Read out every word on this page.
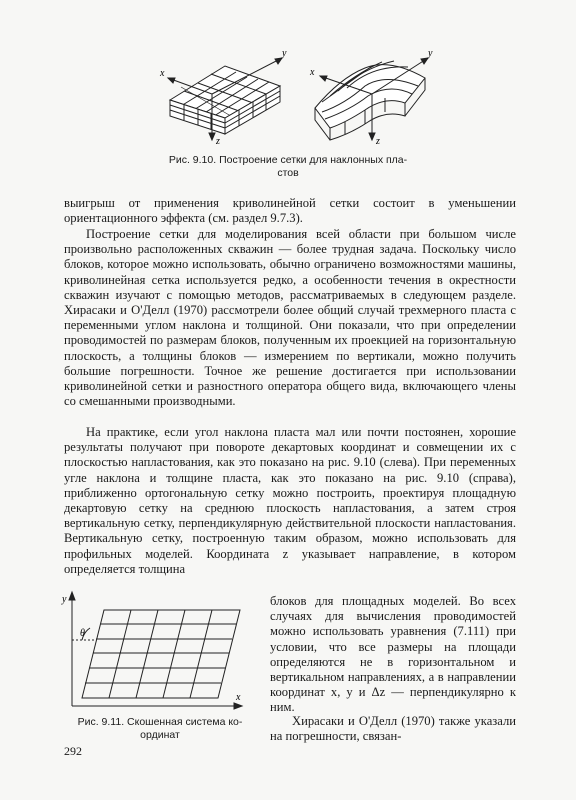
x
y
z
x
y
z
Рис. 9.10. Построение сетки для наклонных пла-
стов

выигрыш от применения криволинейной сетки состоит в уменьшении ориентационного эффекта (см. раздел 9.7.3).

Построение сетки для моделирования всей области при большом числе произвольно расположенных скважин — более трудная задача. Поскольку число блоков, которое можно использовать, обычно ограничено возможностями машины, криволинейная сетка используется редко, а особенности течения в окрестности скважин изучают с помощью методов, рассматриваемых в следующем разделе. Хирасаки и О'Делл (1970) рассмотрели более общий случай трехмерного пласта с переменными углом наклона и толщиной. Они показали, что при определении проводимостей по размерам блоков, полученным их проекцией на горизонтальную плоскость, а толщины блоков — измерением по вертикали, можно получить большие погрешности. Точное же решение достигается при использовании криволинейной сетки и разностного оператора общего вида, включающего члены со смешанными производными.

На практике, если угол наклона пласта мал или почти постоянен, хорошие результаты получают при повороте декартовых координат и совмещении их с плоскостью напластования, как это показано на рис. 9.10 (слева). При переменных угле наклона и толщине пласта, как это показано на рис. 9.10 (справа), приближенно ортогональную сетку можно построить, проектируя площадную декартовую сетку на среднюю плоскость напластования, а затем строя вертикальную сетку, перпендикулярную действительной плоскости напластования. Вертикальную сетку, построенную таким образом, можно использовать для профильных моделей. Координата z указывает направление, в котором определяется толщина

блоков для площадных моделей. Во всех случаях для вычисления проводимостей можно использовать уравнения (7.111) при условии, что все размеры на площади определяются не в горизонтальном и вертикальном направлениях, а в направлении координат x, y и Δz — перпендикулярно к ним.

y
x
θ
Рис. 9.11. Скошенная система ко-
ординат

Хирасаки и О'Делл (1970) также указали на погрешности, связан-

292
